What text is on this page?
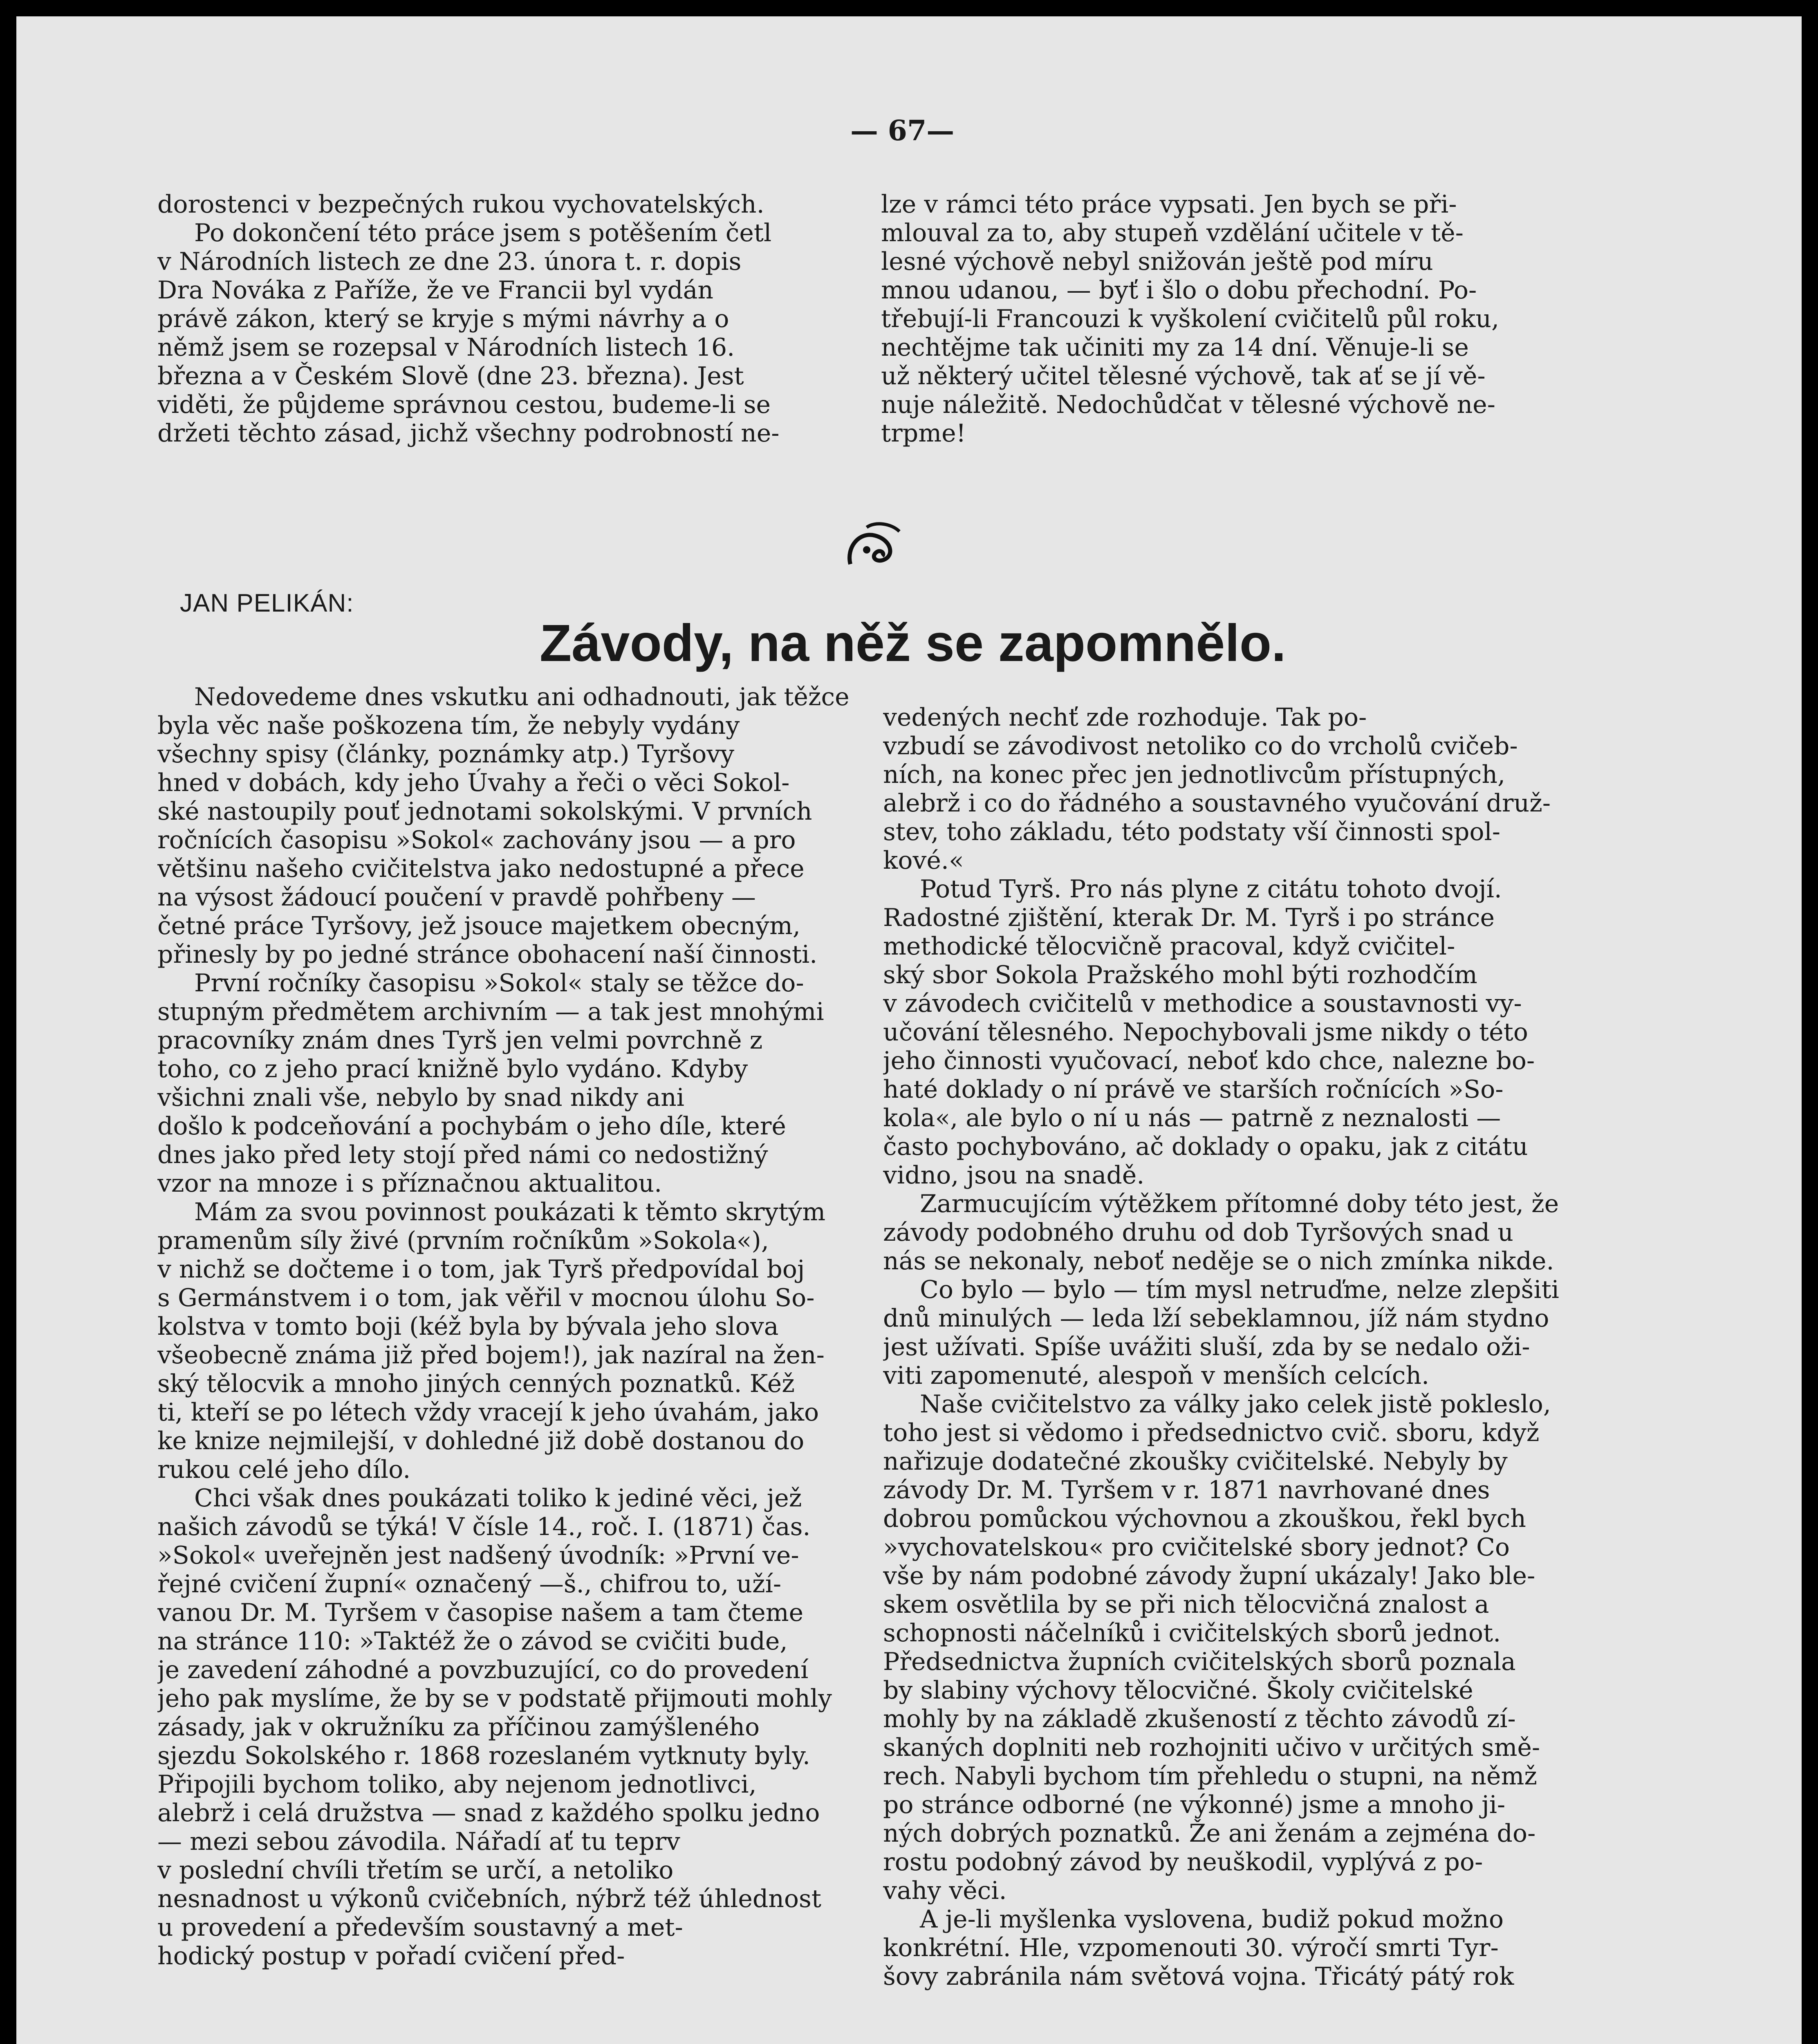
— 67—
dorostenci v bezpečných rukou vychovatelských.
Po dokončení této práce jsem s potěšením četl
v Národních listech ze dne 23. února t. r. dopis
Dra Nováka z Paříže, že ve Francii byl vydán
právě zákon, který se kryje s mými návrhy a o
němž jsem se rozepsal v Národních listech 16.
března a v Českém Slově (dne 23. března). Jest
viděti, že půjdeme správnou cestou, budeme-li se
držeti těchto zásad, jichž všechny podrobností ne-
lze v rámci této práce vypsati. Jen bych se při-
mlouval za to, aby stupeň vzdělání učitele v tě-
lesné výchově nebyl snižován ještě pod míru
mnou udanou, — byť i šlo o dobu přechodní. Po-
třebují-li Francouzi k vyškolení cvičitelů půl roku,
nechtějme tak učiniti my za 14 dní. Věnuje-li se
už některý učitel tělesné výchově, tak ať se jí vě-
nuje náležitě. Nedochůdčat v tělesné výchově ne-
trpme!
JAN PELIKÁN:
Závody, na něž se zapomnělo.
Nedovedeme dnes vskutku ani odhadnouti, jak těžce
byla věc naše poškozena tím, že nebyly vydány
všechny spisy (články, poznámky atp.) Tyršovy
hned v dobách, kdy jeho Úvahy a řeči o věci Sokol-
ské nastoupily pouť jednotami sokolskými. V prvních
ročnících časopisu »Sokol« zachovány jsou — a pro
většinu našeho cvičitelstva jako nedostupné a přece
na výsost žádoucí poučení v pravdě pohřbeny —
četné práce Tyršovy, jež jsouce majetkem obecným,
přinesly by po jedné stránce obohacení naší činnosti.
První ročníky časopisu »Sokol« staly se těžce do-
stupným předmětem archivním — a tak jest mnohými
pracovníky znám dnes Tyrš jen velmi povrchně z
toho, co z jeho prací knižně bylo vydáno. Kdyby
všichni znali vše, nebylo by snad nikdy ani
došlo k podceňování a pochybám o jeho díle, které
dnes jako před lety stojí před námi co nedostižný
vzor na mnoze i s příznačnou aktualitou.
Mám za svou povinnost poukázati k těmto skrytým
pramenům síly živé (prvním ročníkům »Sokola«),
v nichž se dočteme i o tom, jak Tyrš předpovídal boj
s Germánstvem i o tom, jak věřil v mocnou úlohu So-
kolstva v tomto boji (kéž byla by bývala jeho slova
všeobecně známa již před bojem!), jak nazíral na žen-
ský tělocvik a mnoho jiných cenných poznatků. Kéž
ti, kteří se po létech vždy vracejí k jeho úvahám, jako
ke knize nejmilejší, v dohledné již době dostanou do
rukou celé jeho dílo.
Chci však dnes poukázati toliko k jediné věci, jež
našich závodů se týká! V čísle 14., roč. I. (1871) čas.
»Sokol« uveřejněn jest nadšený úvodník: »První ve-
řejné cvičení župní« označený —š., chifrou to, uží-
vanou Dr. M. Tyršem v časopise našem a tam čteme
na stránce 110: »Taktéž že o závod se cvičiti bude,
je zavedení záhodné a povzbuzující, co do provedení
jeho pak myslíme, že by se v podstatě přijmouti mohly
zásady, jak v okružníku za příčinou zamýšleného
sjezdu Sokolského r. 1868 rozeslaném vytknuty byly.
Připojili bychom toliko, aby nejenom jednotlivci,
alebrž i celá družstva — snad z každého spolku jedno
— mezi sebou závodila. Nářadí ať tu teprv
v poslední chvíli třetím se určí, a netoliko
nesnadnost u výkonů cvičebních, nýbrž též úhlednost
u provedení a především soustavný a met-
hodický postup v pořadí cvičení před-
vedených nechť zde rozhoduje. Tak po-
vzbudí se závodivost netoliko co do vrcholů cvičeb-
ních, na konec přec jen jednotlivcům přístupných,
alebrž i co do řádného a soustavného vyučování druž-
stev, toho základu, této podstaty vší činnosti spol-
kové.«
Potud Tyrš. Pro nás plyne z citátu tohoto dvojí.
Radostné zjištění, kterak Dr. M. Tyrš i po stránce
methodické tělocvičně pracoval, když cvičitel-
ský sbor Sokola Pražského mohl býti rozhodčím
v závodech cvičitelů v methodice a soustavnosti vy-
učování tělesného. Nepochybovali jsme nikdy o této
jeho činnosti vyučovací, neboť kdo chce, nalezne bo-
haté doklady o ní právě ve starších ročnících »So-
kola«, ale bylo o ní u nás — patrně z neznalosti —
často pochybováno, ač doklady o opaku, jak z citátu
vidno, jsou na snadě.
Zarmucujícím výtěžkem přítomné doby této jest, že
závody podobného druhu od dob Tyršových snad u
nás se nekonaly, neboť neděje se o nich zmínka nikde.
Co bylo — bylo — tím mysl netruďme, nelze zlepšiti
dnů minulých — leda lží sebeklamnou, jíž nám stydno
jest užívati. Spíše uvážiti sluší, zda by se nedalo oži-
viti zapomenuté, alespoň v menších celcích.
Naše cvičitelstvo za války jako celek jistě pokleslo,
toho jest si vědomo i předsednictvo cvič. sboru, když
nařizuje dodatečné zkoušky cvičitelské. Nebyly by
závody Dr. M. Tyršem v r. 1871 navrhované dnes
dobrou pomůckou výchovnou a zkouškou, řekl bych
»vychovatelskou« pro cvičitelské sbory jednot? Co
vše by nám podobné závody župní ukázaly! Jako ble-
skem osvětlila by se při nich tělocvičná znalost a
schopnosti náčelníků i cvičitelských sborů jednot.
Předsednictva župních cvičitelských sborů poznala
by slabiny výchovy tělocvičné. Školy cvičitelské
mohly by na základě zkušeností z těchto závodů zí-
skaných doplniti neb rozhojniti učivo v určitých smě-
rech. Nabyli bychom tím přehledu o stupni, na němž
po stránce odborné (ne výkonné) jsme a mnoho ji-
ných dobrých poznatků. Že ani ženám a zejména do-
rostu podobný závod by neuškodil, vyplývá z po-
vahy věci.
A je-li myšlenka vyslovena, budiž pokud možno
konkrétní. Hle, vzpomenouti 30. výročí smrti Tyr-
šovy zabránila nám světová vojna. Třicátý pátý rok
